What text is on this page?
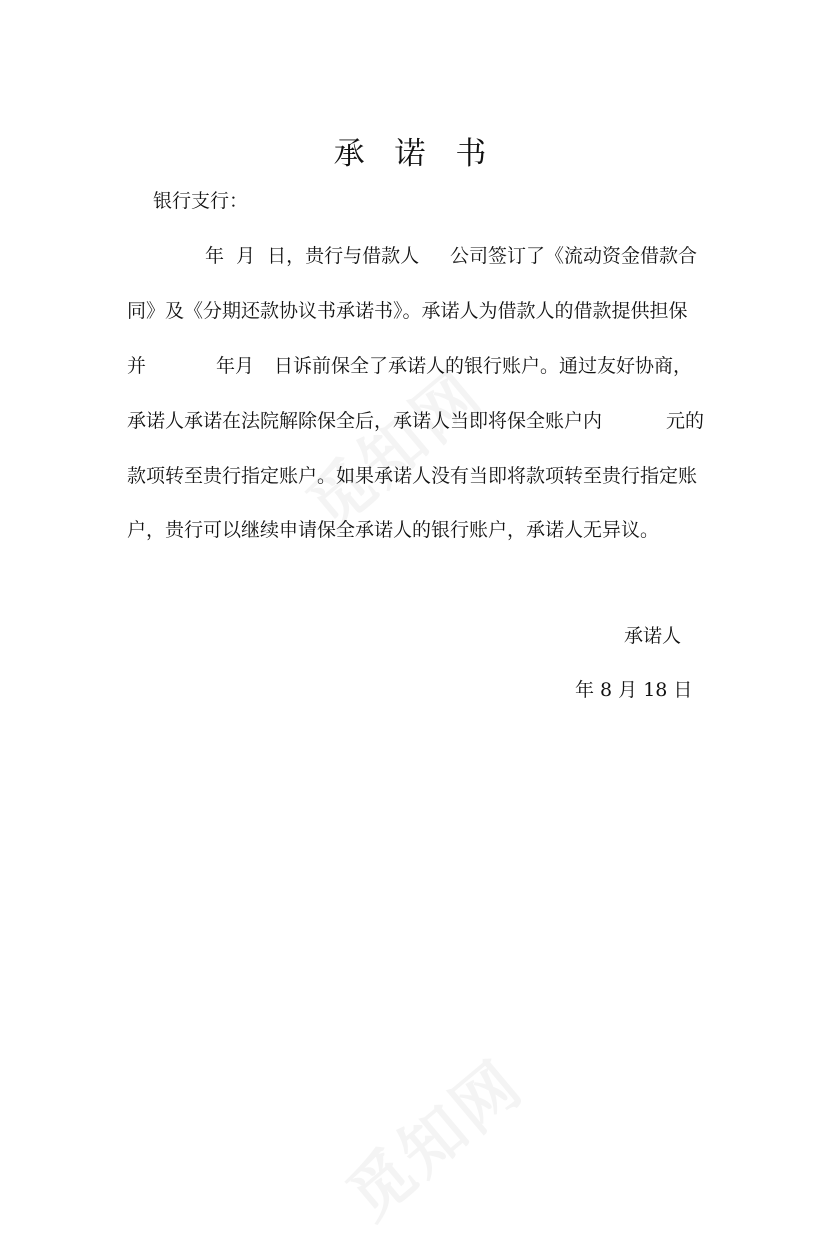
承 诺 书
银行支行：

年  月  日，贵行与借款人

公司签订了《流动资金借款合

同》及《分期还款协议书承诺书》。承诺人为借款人的借款提供担保

并

	年月

日诉前保全了承诺人的银行账户。通过友好协商，

承诺人承诺在法院解除保全后，承诺人当即将保全账户内

	元的

款项转至贵行指定账户。如果承诺人没有当即将款项转至贵行指定账

户，贵行可以继续申请保全承诺人的银行账户，承诺人无异议。

承诺人
年 8 月 18 日
